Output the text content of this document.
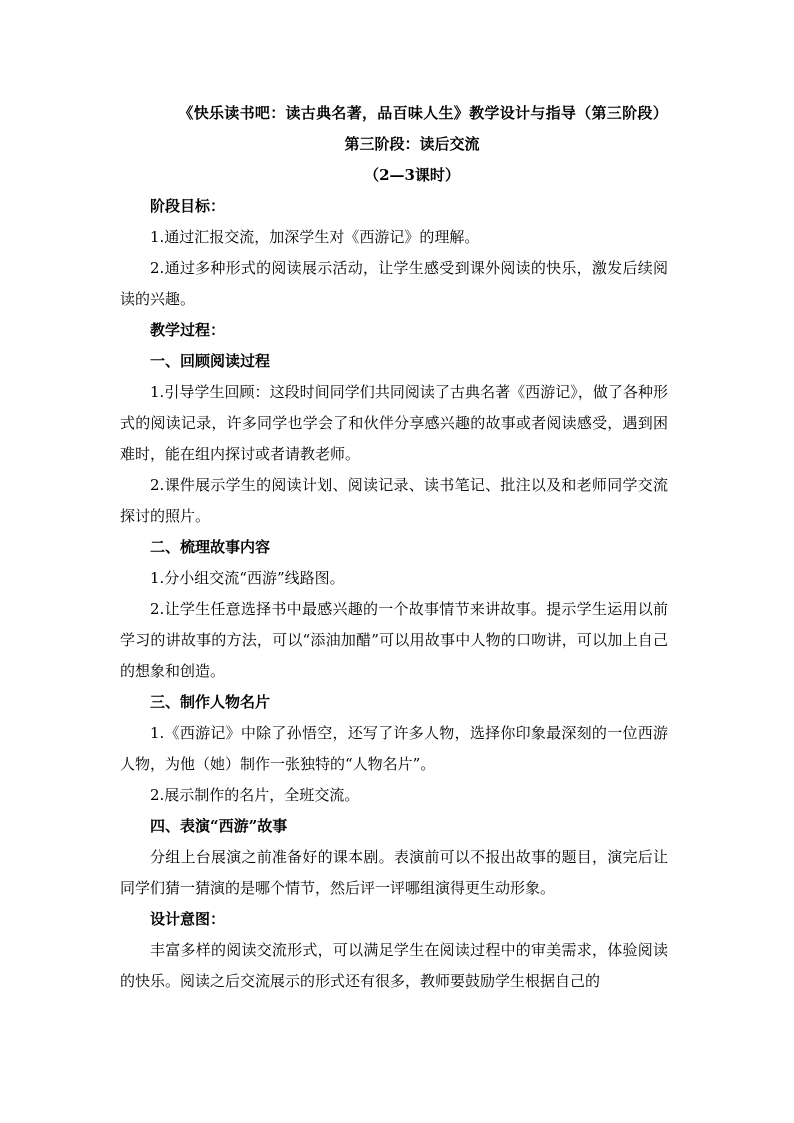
《快乐读书吧：读古典名著，品百味人生》教学设计与指导（第三阶段）
第三阶段：读后交流
（2—3课时）
阶段目标：
1.通过汇报交流，加深学生对《西游记》的理解。
2.通过多种形式的阅读展示活动，让学生感受到课外阅读的快乐，激发后续阅读的兴趣。
教学过程：
一、回顾阅读过程
1.引导学生回顾：这段时间同学们共同阅读了古典名著《西游记》，做了各种形式的阅读记录，许多同学也学会了和伙伴分享感兴趣的故事或者阅读感受，遇到困难时，能在组内探讨或者请教老师。
2.课件展示学生的阅读计划、阅读记录、读书笔记、批注以及和老师同学交流探讨的照片。
二、梳理故事内容
1.分小组交流“西游”线路图。
2.让学生任意选择书中最感兴趣的一个故事情节来讲故事。提示学生运用以前学习的讲故事的方法，可以“添油加醋”可以用故事中人物的口吻讲，可以加上自己的想象和创造。
三、制作人物名片
1.《西游记》中除了孙悟空，还写了许多人物，选择你印象最深刻的一位西游人物，为他（她）制作一张独特的“人物名片”。
2.展示制作的名片，全班交流。
四、表演“西游”故事
分组上台展演之前准备好的课本剧。表演前可以不报出故事的题目，演完后让同学们猜一猜演的是哪个情节，然后评一评哪组演得更生动形象。
设计意图：
丰富多样的阅读交流形式，可以满足学生在阅读过程中的审美需求，体验阅读的快乐。阅读之后交流展示的形式还有很多，教师要鼓励学生根据自己的
